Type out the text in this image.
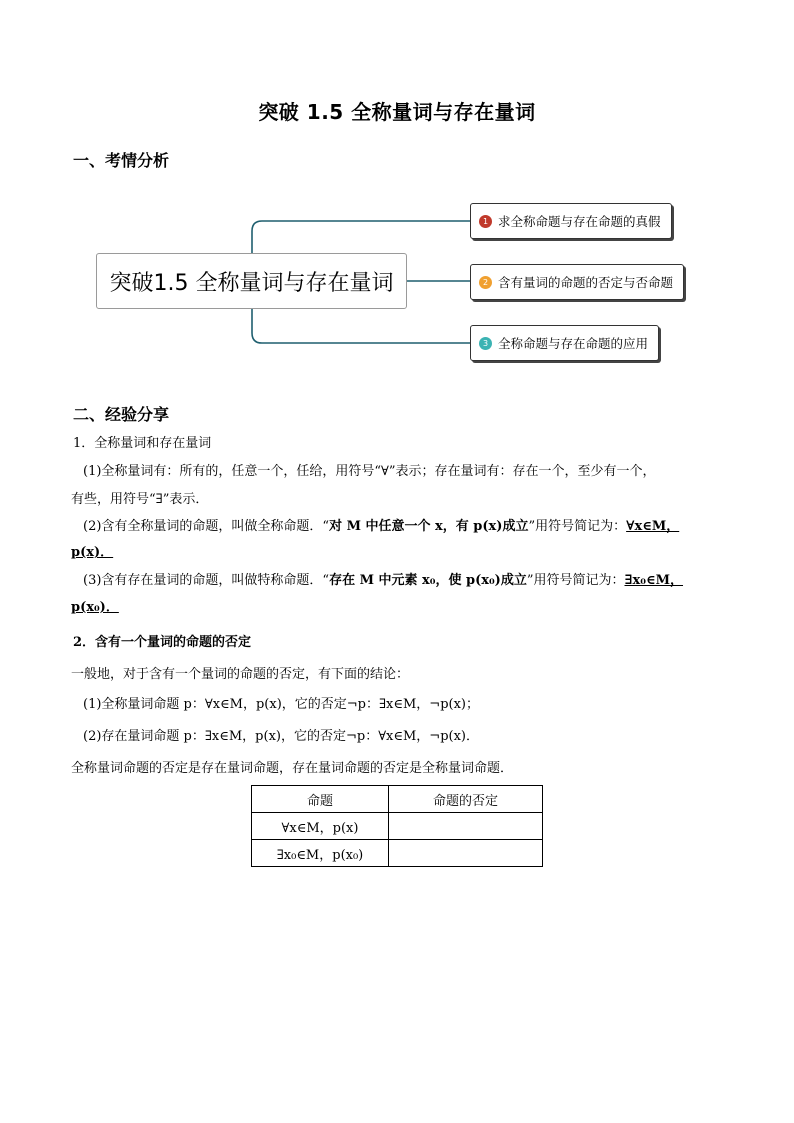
突破 1.5 全称量词与存在量词
一、考情分析
突破1.5 全称量词与存在量词
1 求全称命题与存在命题的真假
2 含有量词的命题的否定与否命题
3 全称命题与存在命题的应用
二、经验分享
1．全称量词和存在量词
(1)全称量词有：所有的，任意一个，任给，用符号“∀”表示；存在量词有：存在一个，至少有一个，
有些，用符号“∃”表示．
(2)含有全称量词的命题，叫做全称命题．“对 M 中任意一个 x，有 p(x)成立”用符号简记为：∀x∈M，
p(x)．
(3)含有存在量词的命题，叫做特称命题．“存在 M 中元素 x₀，使 p(x₀)成立”用符号简记为：∃x₀∈M，
p(x₀)．
2．含有一个量词的命题的否定
一般地，对于含有一个量词的命题的否定，有下面的结论：
(1)全称量词命题 p：∀x∈M，p(x)，它的否定¬p：∃x∈M，¬p(x)；
(2)存在量词命题 p：∃x∈M，p(x)，它的否定¬p：∀x∈M，¬p(x)．
全称量词命题的否定是存在量词命题，存在量词命题的否定是全称量词命题．
命题	命题的否定
∀x∈M，p(x)	
∃x₀∈M，p(x₀)	
